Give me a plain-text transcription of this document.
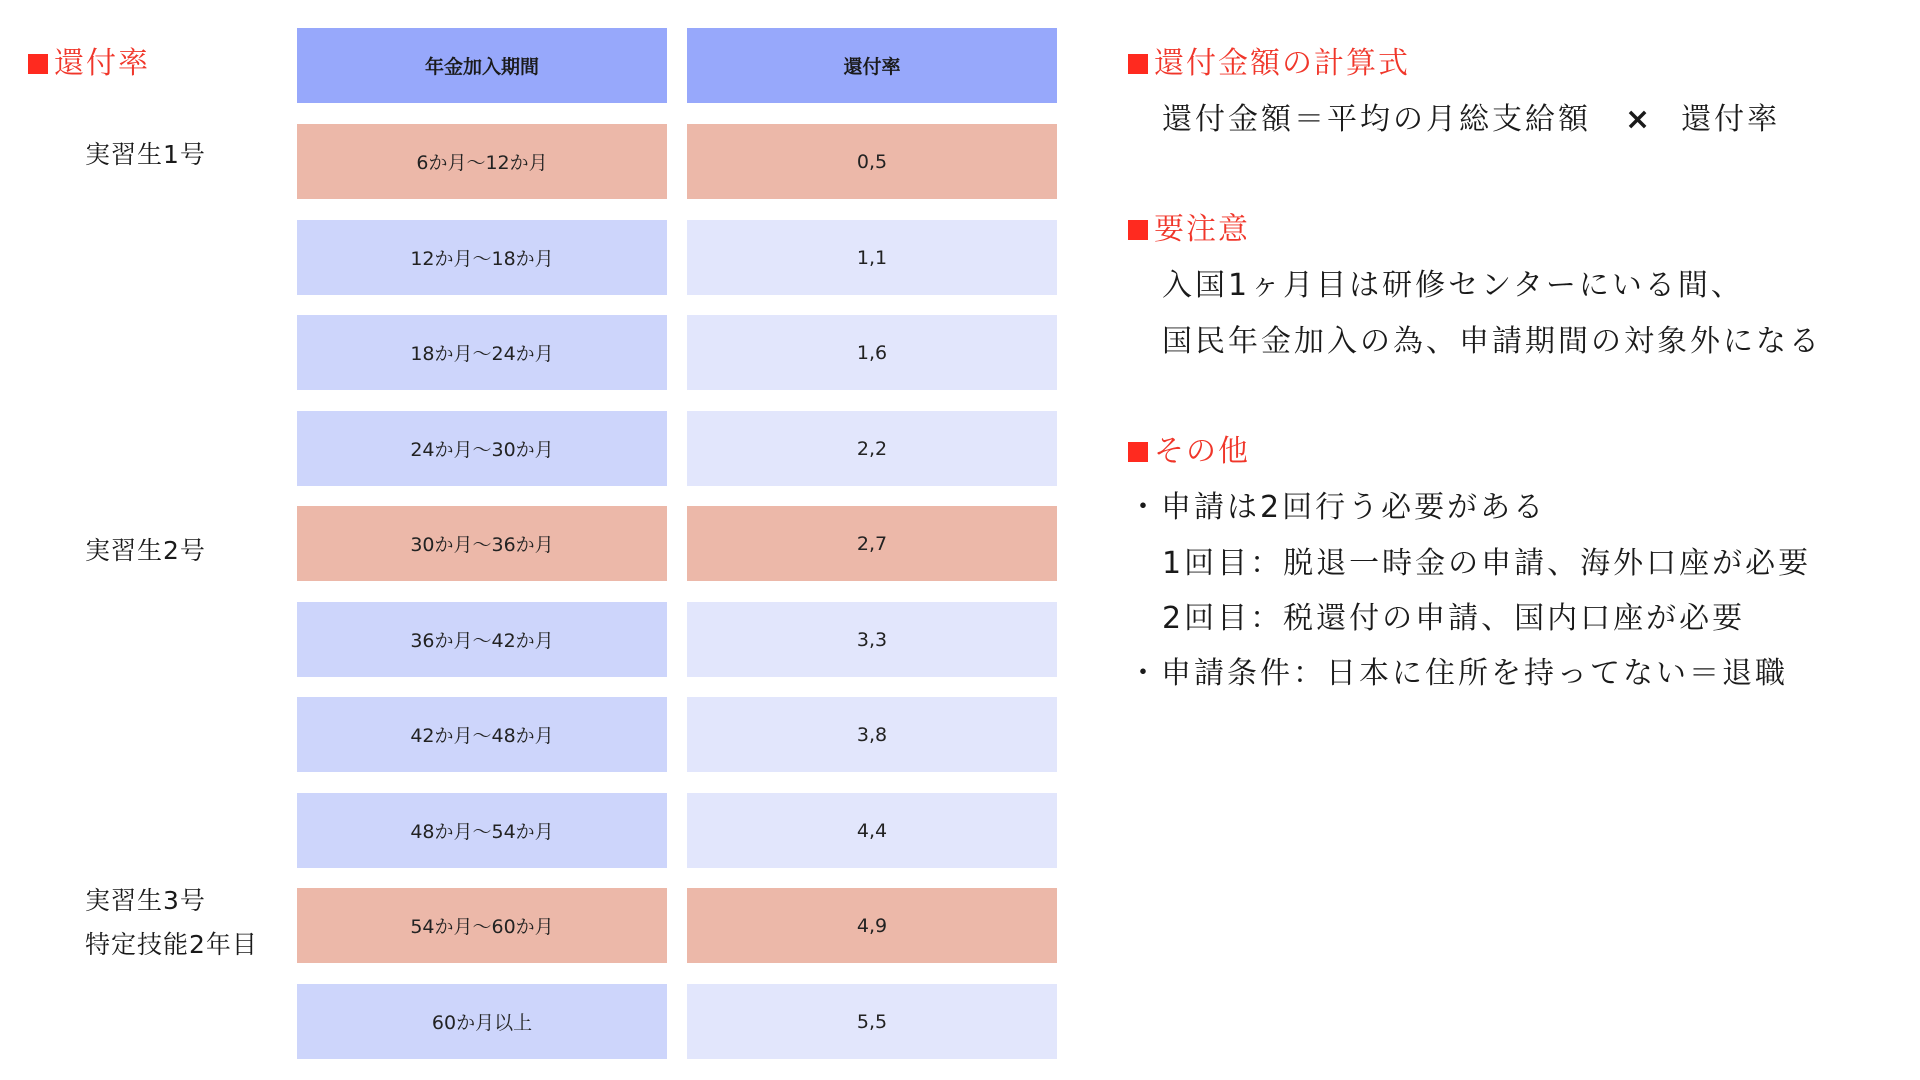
還付率
実習生1号
実習生2号
実習生3号
特定技能2年目
年金加入期間	還付率
6か月～12か月	0,5
12か月～18か月	1,1
18か月～24か月	1,6
24か月～30か月	2,2
30か月～36か月	2,7
36か月～42か月	3,3
42か月～48か月	3,8
48か月～54か月	4,4
54か月～60か月	4,9
60か月以上	5,5
還付金額の計算式
還付金額＝平均の月総支給額 × 還付率
要注意
入国1ヶ月目は研修センターにいる間、
国民年金加入の為、申請期間の対象外になる
その他
・申請は2回行う必要がある
1回目：脱退一時金の申請、海外口座が必要
2回目：税還付の申請、国内口座が必要
・申請条件：日本に住所を持ってない＝退職
